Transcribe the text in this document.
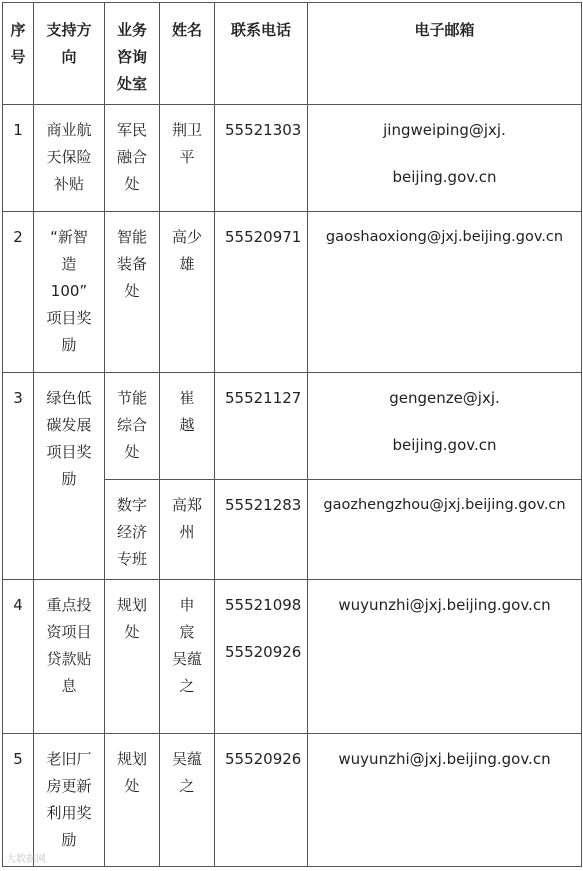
序
号	支持方
向	业务
咨询
处室	姓名	联系电话	电子邮箱
1	商业航
天保险
补贴	军民
融合
处	荆卫
平	55521303	jingweiping@jxj.
beijing.gov.cn

2	“新智
造
100”
项目奖
励	智能
装备
处	高少
雄	55520971	gaoshaoxiong@jxj.beijing.gov.cn

3	绿色低
碳发展
项目奖
励	节能
综合
处	崔
越	55521127	gengenze@jxj.
beijing.gov.cn

		数字
经济
专班	高郑
州	55521283	gaozhengzhou@jxj.beijing.gov.cn

4	重点投
资项目
贷款贴
息	规划
处	申
宸
吴蕴
之	55521098
55520926	wuyunzhi@jxj.beijing.gov.cn

5	老旧厂
房更新
利用奖
励	规划
处	吴蕴
之	55520926	wuyunzhi@jxj.beijing.gov.cn
大数据网
